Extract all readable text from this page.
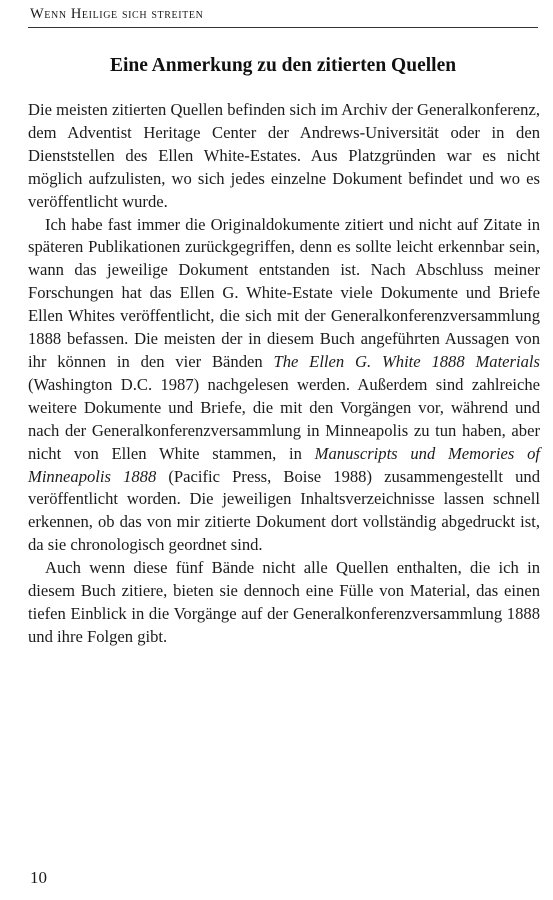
Wenn Heilige sich streiten
Eine Anmerkung zu den zitierten Quellen

Die meisten zitierten Quellen befinden sich im Archiv der Generalkonferenz, dem Adventist Heritage Center der Andrews-Universität oder in den Dienststellen des Ellen White-Estates. Aus Platzgründen war es nicht möglich aufzulisten, wo sich jedes einzelne Dokument befindet und wo es veröffentlicht wurde.

Ich habe fast immer die Originaldokumente zitiert und nicht auf Zitate in späteren Publikationen zurückgegriffen, denn es sollte leicht erkennbar sein, wann das jeweilige Dokument entstanden ist. Nach Abschluss meiner Forschungen hat das Ellen G. White-Estate viele Dokumente und Briefe Ellen Whites veröffentlicht, die sich mit der Generalkonferenzversammlung 1888 befassen. Die meisten der in diesem Buch angeführten Aussagen von ihr können in den vier Bänden The Ellen G. White 1888 Materials (Washington D.C. 1987) nachgelesen werden. Außerdem sind zahlreiche weitere Dokumente und Briefe, die mit den Vorgängen vor, während und nach der Generalkonferenzversammlung in Minneapolis zu tun haben, aber nicht von Ellen White stammen, in Manuscripts und Memories of Minneapolis 1888 (Pacific Press, Boise 1988) zusammengestellt und veröffentlicht worden. Die jeweiligen Inhaltsverzeichnisse lassen schnell erkennen, ob das von mir zitierte Dokument dort vollständig abgedruckt ist, da sie chronologisch geordnet sind.

Auch wenn diese fünf Bände nicht alle Quellen enthalten, die ich in diesem Buch zitiere, bieten sie dennoch eine Fülle von Material, das einen tiefen Einblick in die Vorgänge auf der Generalkonferenzversammlung 1888 und ihre Folgen gibt.

10
